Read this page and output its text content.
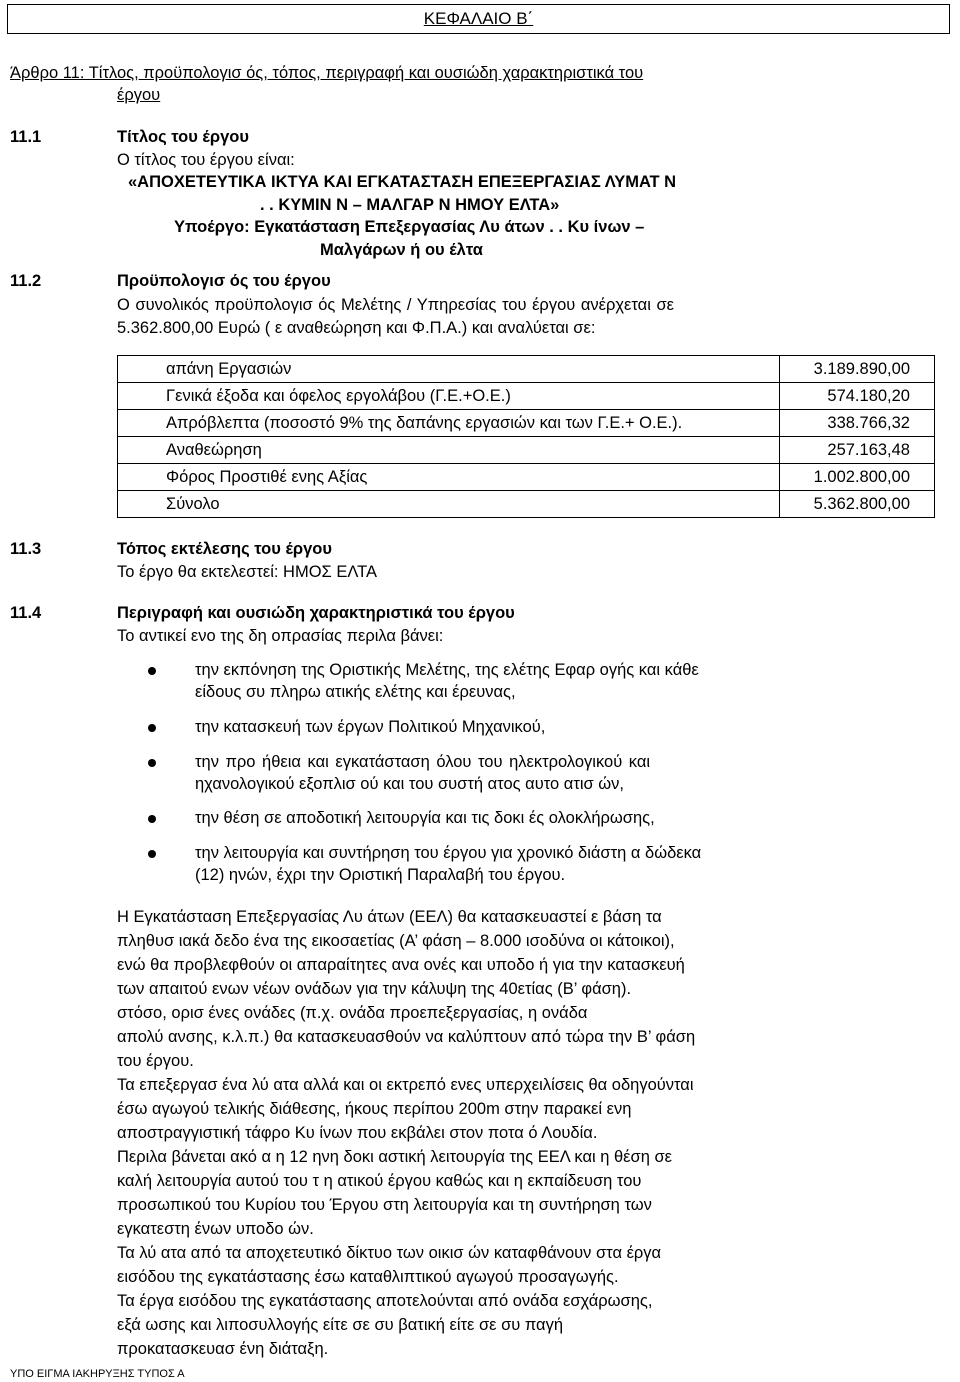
ΚΕΦΑΛΑΙΟ Β΄
Άρθρο 11: Τίτλος, προϋπολογισ ός, τόπος, περιγραφή και ουσιώδη χαρακτηριστικά του
έργου
11.1	Τίτλος του έργου
Ο τίτλος του έργου είναι:
«ΑΠΟΧΕΤΕΥΤΙΚΑ ΙΚΤΥΑ ΚΑΙ ΕΓΚΑΤΑΣΤΑΣΗ ΕΠΕΞΕΡΓΑΣΙΑΣ ΛΥΜΑΤ Ν
. . ΚΥΜΙΝ Ν – ΜΑΛΓΑΡ Ν ΗΜΟΥ ΕΛΤΑ»
Υποέργο: Εγκατάσταση Επεξεργασίας Λυ άτων . . Κυ ίνων –
Μαλγάρων ή ου έλτα
11.2	Προϋπολογισ ός του έργου
Ο συνολικός προϋπολογισ ός Μελέτης / Υπηρεσίας του έργου ανέρχεται σε
5.362.800,00 Ευρώ ( ε αναθεώρηση και Φ.Π.Α.) και αναλύεται σε:
απάνη Εργασιών	3.189.890,00
Γενικά έξοδα και όφελος εργολάβου (Γ.Ε.+Ο.Ε.)	574.180,20
Απρόβλεπτα (ποσοστό 9% της δαπάνης εργασιών και των Γ.Ε.+ Ο.Ε.).	338.766,32
Αναθεώρηση	257.163,48
Φόρος Προστιθέ ενης Αξίας	1.002.800,00
Σύνολο	5.362.800,00
11.3	Τόπος εκτέλεσης του έργου
Το έργο θα εκτελεστεί: ΗΜΟΣ ΕΛΤΑ
11.4	Περιγραφή και ουσιώδη χαρακτηριστικά του έργου
Το αντικεί ενο της δη οπρασίας περιλα βάνει:
την εκπόνηση της Οριστικής Μελέτης, της ελέτης Εφαρ ογής και κάθε
είδους συ πληρω ατικής ελέτης και έρευνας,
την κατασκευή των έργων Πολιτικού Μηχανικού,
την προ ήθεια και εγκατάσταση όλου του ηλεκτρολογικού και
ηχανολογικού εξοπλισ ού και του συστή ατος αυτο ατισ ών,
την θέση σε αποδοτική λειτουργία και τις δοκι ές ολοκλήρωσης,
την λειτουργία και συντήρηση του έργου για χρονικό διάστη α δώδεκα
(12) ηνών, έχρι την Οριστική Παραλαβή του έργου.
Η Εγκατάσταση Επεξεργασίας Λυ άτων (ΕΕΛ) θα κατασκευαστεί ε βάση τα
πληθυσ ιακά δεδο ένα της εικοσαετίας (Α’ φάση – 8.000 ισοδύνα οι κάτοικοι),
ενώ θα προβλεφθούν οι απαραίτητες ανα ονές και υποδο ή για την κατασκευή
των απαιτού ενων νέων ονάδων για την κάλυψη της 40ετίας (Β’ φάση).
στόσο, ορισ ένες ονάδες (π.χ. ονάδα προεπεξεργασίας, η ονάδα
απολύ ανσης, κ.λ.π.) θα κατασκευασθούν να καλύπτουν από τώρα την Β’ φάση
του έργου.
Τα επεξεργασ ένα λύ ατα αλλά και οι εκτρεπό ενες υπερχειλίσεις θα οδηγούνται
έσω αγωγού τελικής διάθεσης, ήκους περίπου 200m στην παρακεί ενη
αποστραγγιστική τάφρο Κυ ίνων που εκβάλει στον ποτα ό Λουδία.
Περιλα βάνεται ακό α η 12 ηνη δοκι αστική λειτουργία της ΕΕΛ και η θέση σε
καλή λειτουργία αυτού του τ η ατικού έργου καθώς και η εκπαίδευση του
προσωπικού του Κυρίου του Έργου στη λειτουργία και τη συντήρηση των
εγκατεστη ένων υποδο ών.
Τα λύ ατα από τα αποχετευτικό δίκτυο των οικισ ών καταφθάνουν στα έργα
εισόδου της εγκατάστασης έσω καταθλιπτικού αγωγού προσαγωγής.
Τα έργα εισόδου της εγκατάστασης αποτελούνται από ονάδα εσχάρωσης,
εξά ωσης και λιποσυλλογής είτε σε συ βατική είτε σε συ παγή
προκατασκευασ ένη διάταξη.
ΥΠΟ ΕΙΓΜΑ ΙΑΚΗΡΥΞΗΣ ΤΥΠΟΣ Α
